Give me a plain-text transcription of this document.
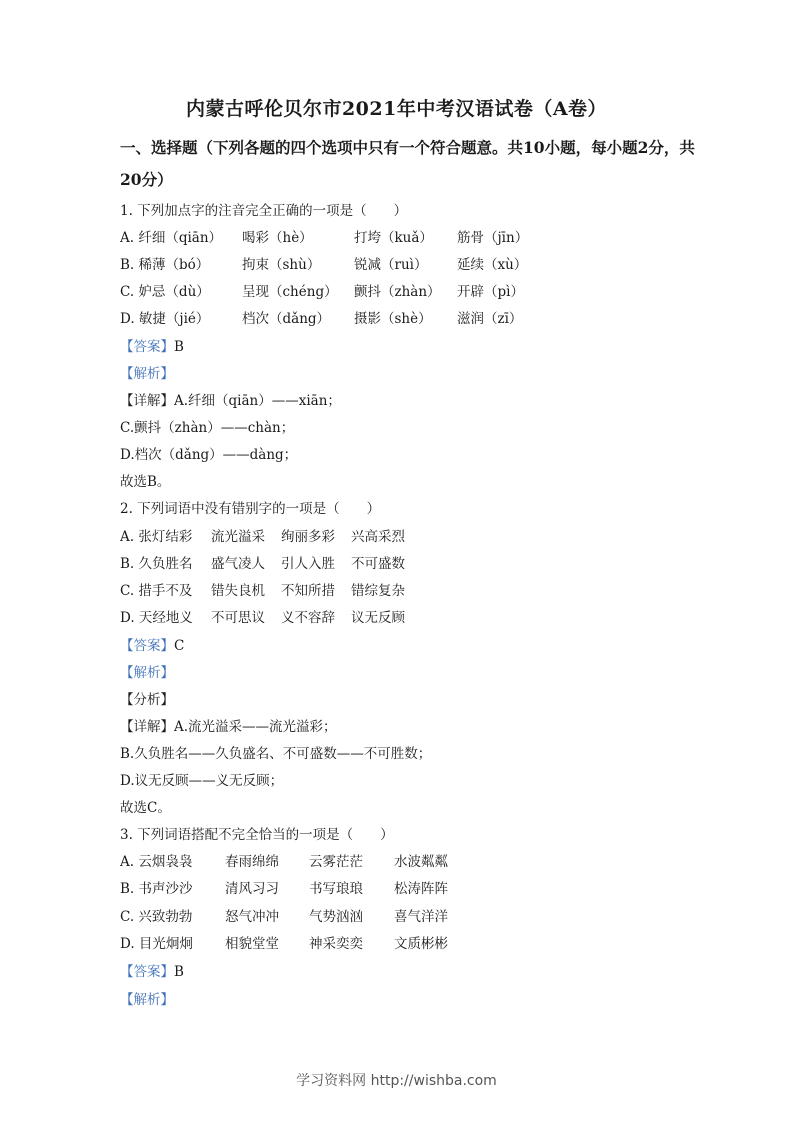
内蒙古呼伦贝尔市2021年中考汉语试卷（A卷）
一、选择题（下列各题的四个选项中只有一个符合题意。共10小题，每小题2分，共20分）
1. 下列加点字的注音完全正确的一项是（　　）
A. 纤细（qiān） 喝彩（hè）	打垮（kuǎ） 筋骨（jīn）
B. 稀薄（bó） 拘束（shù） 锐减（ruì） 延续（xù）
C. 妒忌（dù） 呈现（chéng） 颤抖（zhàn） 开辟（pì）
D. 敏捷（jié） 档次（dǎng） 摄影（shè） 滋润（zī）
【答案】B
【解析】
【详解】A.纤细（qiān）——xiān；
C.颤抖（zhàn）——chàn；
D.档次（dǎng）——dàng；
故选B。
2. 下列词语中没有错别字的一项是（　　）
A. 张灯结彩 流光溢采 绚丽多彩 兴高采烈
B. 久负胜名 盛气凌人 引人入胜 不可盛数
C. 措手不及 错失良机 不知所措 错综复杂
D. 天经地义 不可思议 义不容辞 议无反顾
【答案】C
【解析】
【分析】
【详解】A.流光溢采——流光溢彩；
B.久负胜名——久负盛名、不可盛数——不可胜数；
D.议无反顾——义无反顾；
故选C。
3. 下列词语搭配不完全恰当的一项是（　　）
A. 云烟袅袅 春雨绵绵 云雾茫茫 水波粼粼
B. 书声沙沙 清风习习 书写琅琅 松涛阵阵
C. 兴致勃勃 怒气冲冲 气势汹汹 喜气洋洋
D. 目光炯炯 相貌堂堂 神采奕奕 文质彬彬
【答案】B
【解析】
学习资料网 http://wishba.com
